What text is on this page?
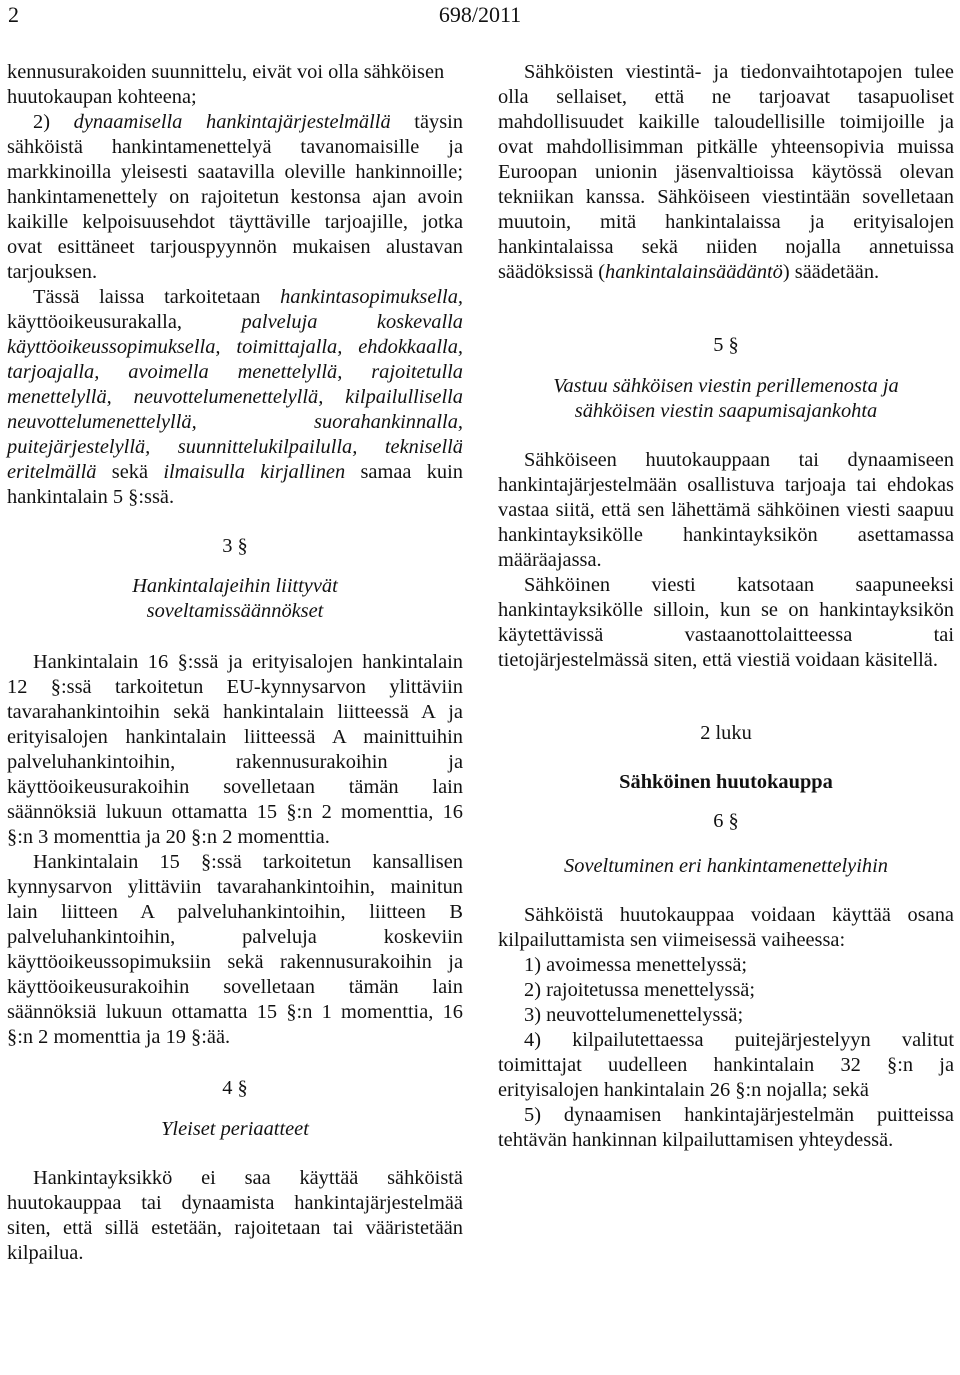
2	698/2011

kennusurakoiden suunnittelu, eivät voi olla sähköisen huutokaupan kohteena;

2) dynaamisella hankintajärjestelmällä täysin sähköistä hankintamenettelyä tavanomaisille ja markkinoilla yleisesti saatavilla oleville hankinnoille; hankintamenettely on rajoitetun kestonsa ajan avoin kaikille kelpoisuusehdot täyttäville tarjoajille, jotka ovat esittäneet tarjouspyynnön mukaisen alustavan tarjouksen.

Tässä laissa tarkoitetaan hankintasopimuksella, käyttöoikeusurakalla,	palveluja koskevalla käyttöoikeussopimuksella, toimittajalla, ehdokkaalla, tarjoajalla, avoimella menettelyllä, rajoitetulla menettelyllä, neuvottelumenettelyllä, kilpailullisella neuvottelumenettelyllä, suorahankinnalla, puitejärjestelyllä, suunnittelukilpailulla, teknisellä eritelmällä sekä ilmaisulla kirjallinen samaa kuin hankintalain 5 §:ssä.

3 §

Hankintalajeihin liittyvät

soveltamissäännökset

Hankintalain 16 §:ssä ja erityisalojen hankintalain 12 §:ssä tarkoitetun EU-kynnysarvon ylittäviin tavarahankintoihin sekä hankintalain liitteessä A ja erityisalojen hankintalain liitteessä A mainittuihin palveluhankintoihin, rakennusurakoihin ja käyttöoikeusurakoihin sovelletaan tämän lain säännöksiä lukuun ottamatta 15 §:n 2 momenttia, 16 §:n 3 momenttia ja 20 §:n 2 momenttia.

Hankintalain 15 §:ssä tarkoitetun kansallisen kynnysarvon ylittäviin tavarahankintoihin, mainitun lain liitteen A palveluhankintoihin, liitteen B palveluhankintoihin, palveluja koskeviin käyttöoikeussopimuksiin sekä rakennusurakoihin ja käyttöoikeusurakoihin sovelletaan tämän lain säännöksiä lukuun ottamatta 15 §:n 1 momenttia, 16 §:n 2 momenttia ja 19 §:ää.

4 §

Yleiset periaatteet

Hankintayksikkö ei saa käyttää sähköistä huutokauppaa tai dynaamista hankintajärjestelmää siten, että sillä estetään, rajoitetaan tai vääristetään kilpailua.

Sähköisten viestintä- ja tiedonvaihtotapojen tulee olla sellaiset, että ne tarjoavat tasapuoliset mahdollisuudet kaikille taloudellisille toimijoille ja ovat mahdollisimman pitkälle yhteensopivia muissa Euroopan unionin jäsenvaltioissa käytössä olevan tekniikan kanssa. Sähköiseen viestintään sovelletaan muutoin, mitä hankintalaissa ja erityisalojen hankintalaissa sekä niiden nojalla annetuissa säädöksissä (hankintalainsäädäntö) säädetään.

5 §

Vastuu sähköisen viestin perillemenosta ja

sähköisen viestin saapumisajankohta

Sähköiseen huutokauppaan tai dynaamiseen hankintajärjestelmään osallistuva tarjoaja tai ehdokas vastaa siitä, että sen lähettämä sähköinen viesti saapuu hankintayksikölle hankintayksikön asettamassa määräajassa.

Sähköinen viesti katsotaan saapuneeksi hankintayksikölle silloin, kun se on hankintayksikön käytettävissä vastaanottolaitteessa tai tietojärjestelmässä siten, että viestiä voidaan käsitellä.

2 luku

Sähköinen huutokauppa

6 §

Soveltuminen eri hankintamenettelyihin

Sähköistä huutokauppaa voidaan käyttää osana kilpailuttamista sen viimeisessä vaiheessa:

1) avoimessa menettelyssä;

2) rajoitetussa menettelyssä;

3) neuvottelumenettelyssä;

4) kilpailutettaessa puitejärjestelyyn valitut toimittajat uudelleen hankintalain 32 §:n ja erityisalojen hankintalain 26 §:n nojalla; sekä

5) dynaamisen hankintajärjestelmän puitteissa tehtävän hankinnan kilpailuttamisen yhteydessä.
